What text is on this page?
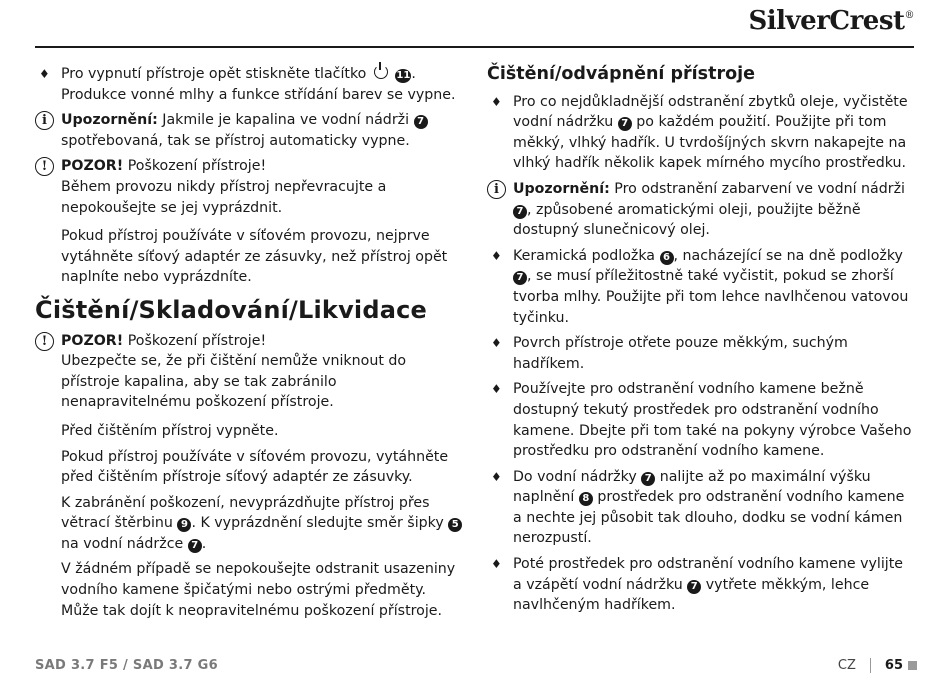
SilverCrest®
♦ Pro vypnutí přístroje opět stiskněte tlačítko	11. Produkce vonné mlhy a funkce střídání barev se vypne.
i Upozornění: Jakmile je kapalina ve vodní nádrži 7 spotřebovaná, tak se přístroj automaticky vypne.
! POZOR! Poškození přístroje!
Během provozu nikdy přístroj nepřevracujte a nepokoušejte se jej vyprázdnit.
Pokud přístroj používáte v síťovém provozu, nejprve vytáhněte síťový adaptér ze zásuvky, než přístroj opět naplníte nebo vyprázdníte.
Čištění/Skladování/Likvidace
! POZOR! Poškození přístroje!
Ubezpečte se, že při čištění nemůže vniknout do přístroje kapalina, aby se tak zabránilo nenapravitelnému poškození přístroje.
Před čištěním přístroj vypněte.
Pokud přístroj používáte v síťovém provozu, vytáhněte před čištěním přístroje síťový adaptér ze zásuvky.
K zabránění poškození, nevyprázdňujte přístroj přes větrací štěrbinu 9 . K vyprázdnění sledujte směr šipky 5 na vodní nádržce 7 .
V žádném případě se nepokoušejte odstranit usazeniny vodního kamene špičatými nebo ostrými předměty. Může tak dojít k neopravitelnému poškození přístroje.
Čištění/odvápnění přístroje
♦ Pro co nejdůkladnější odstranění zbytků oleje, vyčistěte vodní nádržku 7 po každém použití. Použijte při tom měkký, vlhký hadřík. U tvrdošíjných skvrn nakapejte na vlhký hadřík několik kapek mírného mycího prostředku.
i Upozornění: Pro odstranění zabarvení ve vodní nádrži 7 , způsobené aromatickými oleji, použijte běžně dostupný slunečnicový olej.
♦ Keramická podložka 6 , nacházející se na dně podložky 7 , se musí příležitostně také vyčistit, pokud se zhorší tvorba mlhy. Použijte při tom lehce navlhčenou vatovou tyčinku.
♦ Povrch přístroje otřete pouze měkkým, suchým hadříkem.
♦ Používejte pro odstranění vodního kamene bežně dostupný tekutý prostředek pro odstranění vodního kamene. Dbejte při tom také na pokyny výrobce Vašeho prostředku pro odstranění vodního kamene.
♦ Do vodní nádržky 7 nalijte až po maximální výšku naplnění 8 prostředek pro odstranění vodního kamene a nechte jej působit tak dlouho, dodku se vodní kámen nerozpustí.
♦ Poté prostředek pro odstranění vodního kamene vylijte a vzápětí vodní nádržku 7 vytřete měkkým, lehce navlhčeným hadříkem.
SAD 3.7 F5 / SAD 3.7 G6	CZ	65
